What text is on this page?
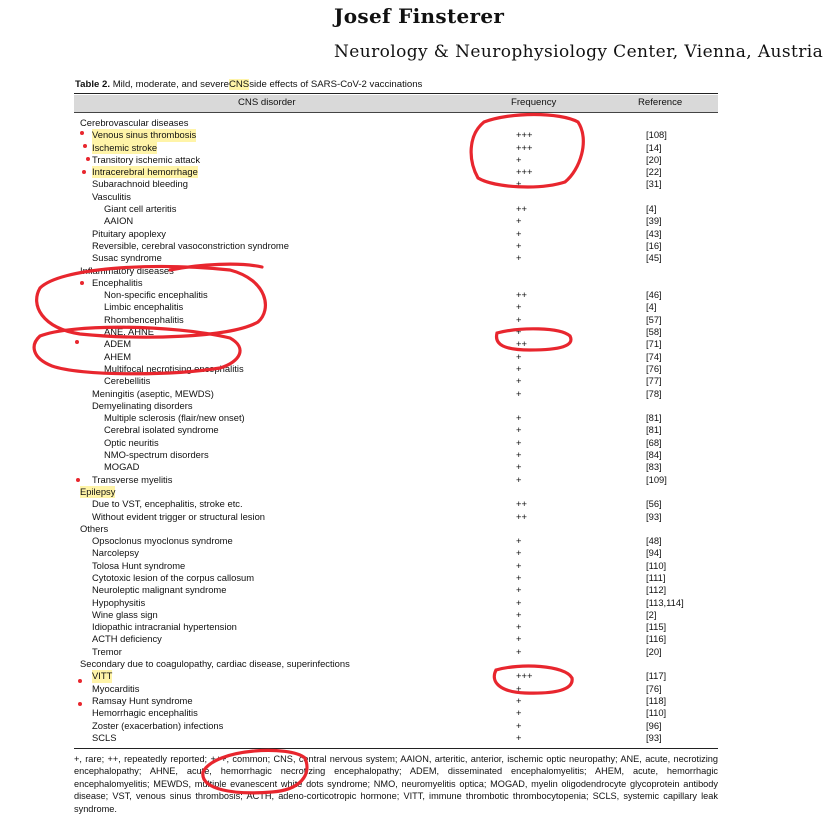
Josef Finsterer
Neurology & Neurophysiology Center, Vienna, Austria
Table 2. Mild, moderate, and severeCNSside effects of SARS-CoV-2 vaccinations
CNS disorder	Frequency	Reference
Cerebrovascular diseases
Venous sinus thrombosis	+++	[108]
Ischemic stroke	+++	[14]
Transitory ischemic attack	+	[20]
Intracerebral hemorrhage	+++	[22]
Subarachnoid bleeding	+	[31]
Vasculitis
Giant cell arteritis	++	[4]
AAION	+	[39]
Pituitary apoplexy	+	[43]
Reversible, cerebral vasoconstriction syndrome	+	[16]
Susac syndrome	+	[45]
Inflammatory diseases
Encephalitis
Non-specific encephalitis	++	[46]
Limbic encephalitis	+	[4]
Rhombencephalitis	+	[57]
ANE, AHNE	+	[58]
ADEM	++	[71]
AHEM	+	[74]
Multifocal necrotising encephalitis	+	[76]
Cerebellitis	+	[77]
Meningitis (aseptic, MEWDS)	+	[78]
Demyelinating disorders
Multiple sclerosis (flair/new onset)	+	[81]
Cerebral isolated syndrome	+	[81]
Optic neuritis	+	[68]
NMO-spectrum disorders	+	[84]
MOGAD	+	[83]
Transverse myelitis	+	[109]
Epilepsy
Due to VST, encephalitis, stroke etc.	++	[56]
Without evident trigger or structural lesion	++	[93]
Others
Opsoclonus myoclonus syndrome	+	[48]
Narcolepsy	+	[94]
Tolosa Hunt syndrome	+	[110]
Cytotoxic lesion of the corpus callosum	+	[111]
Neuroleptic malignant syndrome	+	[112]
Hypophysitis	+	[113,114]
Wine glass sign	+	[2]
Idiopathic intracranial hypertension	+	[115]
ACTH deficiency	+	[116]
Tremor	+	[20]
Secondary due to coagulopathy, cardiac disease, superinfections
VITT	+++	[117]
Myocarditis	+	[76]
Ramsay Hunt syndrome	+	[118]
Hemorrhagic encephalitis	+	[110]
Zoster (exacerbation) infections	+	[96]
SCLS	+	[93]
+, rare; ++, repeatedly reported; +++, common; CNS, central nervous system; AAION, arteritic, anterior, ischemic optic neuropathy; ANE, acute, necrotizing encephalopathy; AHNE, acute, hemorrhagic necrotizing encephalopathy; ADEM, disseminated encephalomyelitis; AHEM, acute, hemorrhagic encephalomyelitis; MEWDS, multiple evanescent white dots syndrome; NMO, neuromyelitis optica; MOGAD, myelin oligodendrocyte glycoprotein antibody disease; VST, venous sinus thrombosis; ACTH, adeno-corticotropic hormone; VITT, immune thrombotic thrombocytopenia; SCLS, systemic capillary leak syndrome.
